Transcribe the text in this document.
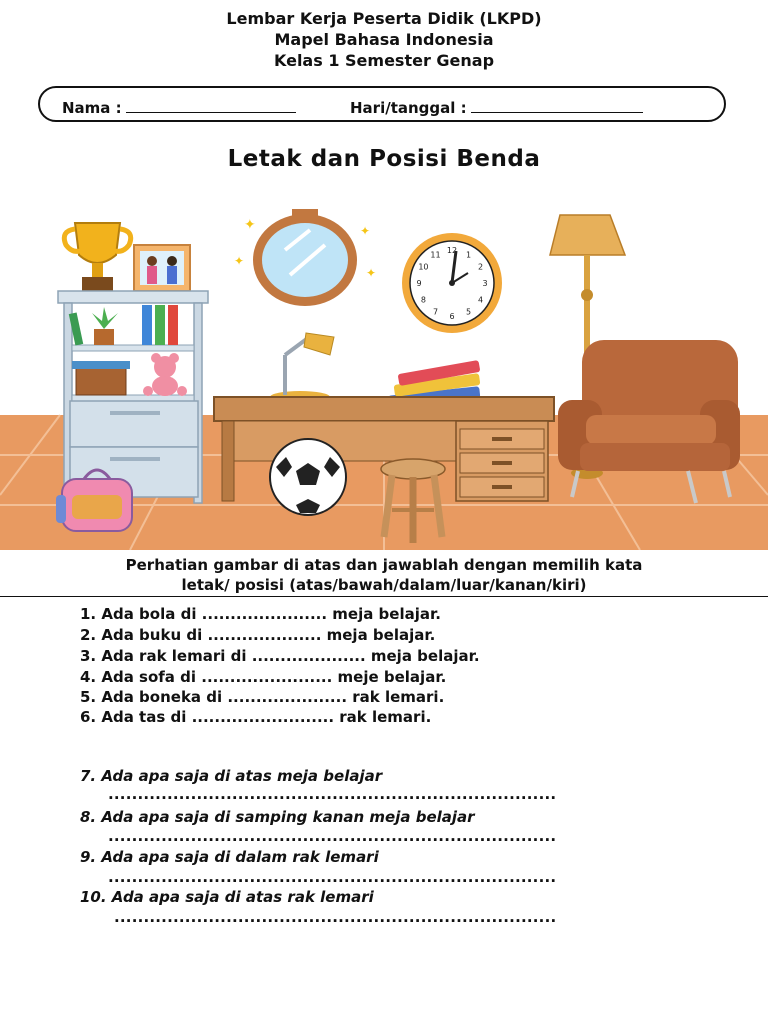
Lembar Kerja Peserta Didik (LKPD)
Mapel Bahasa Indonesia
Kelas 1 Semester Genap
Nama :	Hari/tanggal :
Letak dan Posisi Benda
✦
✦
✦
✦
12 1
2
3
4
5
6
7
8
9
10
11
Perhatian gambar di atas dan jawablah dengan memilih kata
letak/ posisi (atas/bawah/dalam/luar/kanan/kiri)
1. Ada bola di ...................... meja belajar.
2. Ada buku di .................... meja belajar.
3. Ada rak lemari di .................... meja belajar.
4. Ada sofa di ....................... meje belajar.
5. Ada boneka di ..................... rak lemari.
6. Ada tas di ......................... rak lemari.
7. Ada apa saja di atas meja belajar
............................................................................
8. Ada apa saja di samping kanan meja belajar
............................................................................
9. Ada apa saja di dalam rak lemari
............................................................................
10. Ada apa saja di atas rak lemari
...........................................................................
